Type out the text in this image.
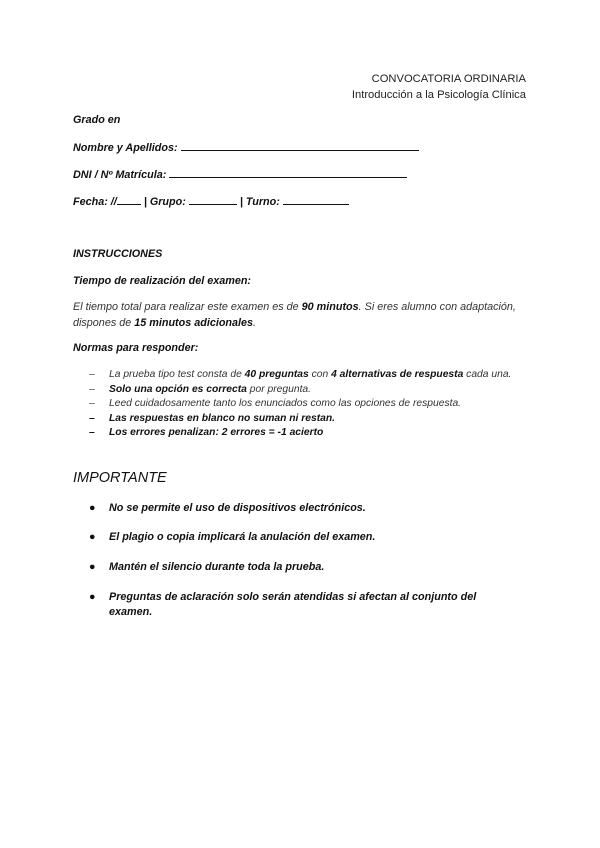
CONVOCATORIA ORDINARIA
Introducción a la Psicología Clínica
Grado en
Nombre y Apellidos:
DNI / Nº Matrícula:
Fecha: //	| Grupo:	| Turno:
INSTRUCCIONES
Tiempo de realización del examen:
El tiempo total para realizar este examen es de 90 minutos. Si eres alumno con adaptación, dispones de 15 minutos adicionales.
Normas para responder:
– La prueba tipo test consta de 40 preguntas con 4 alternativas de respuesta cada una.
– Solo una opción es correcta por pregunta.
– Leed cuidadosamente tanto los enunciados como las opciones de respuesta.
– Las respuestas en blanco no suman ni restan.
– Los errores penalizan: 2 errores = -1 acierto
IMPORTANTE
●	No se permite el uso de dispositivos electrónicos.
●	El plagio o copia implicará la anulación del examen.
●	Mantén el silencio durante toda la prueba.
●	Preguntas de aclaración solo serán atendidas si afectan al conjunto del examen.
